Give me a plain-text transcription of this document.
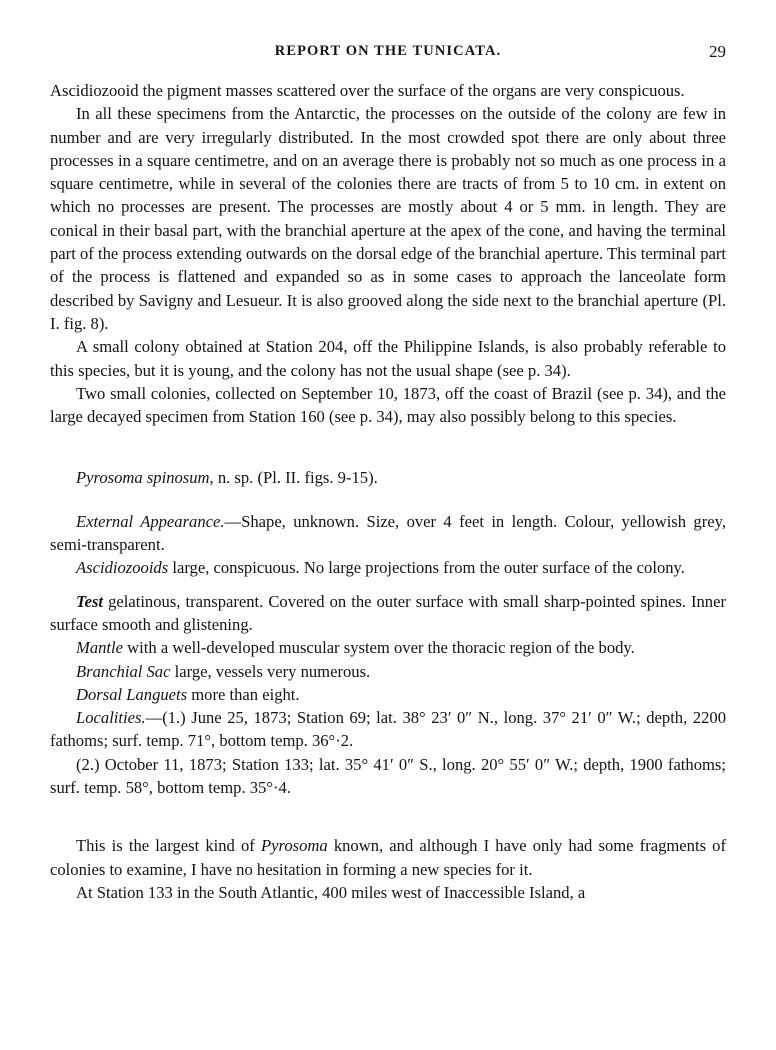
REPORT ON THE TUNICATA.	29

Ascidiozooid the pigment masses scattered over the surface of the organs are very conspicuous.

In all these specimens from the Antarctic, the processes on the outside of the colony are few in number and are very irregularly distributed. In the most crowded spot there are only about three processes in a square centimetre, and on an average there is probably not so much as one process in a square centimetre, while in several of the colonies there are tracts of from 5 to 10 cm. in extent on which no processes are present. The processes are mostly about 4 or 5 mm. in length. They are conical in their basal part, with the branchial aperture at the apex of the cone, and having the terminal part of the process extending outwards on the dorsal edge of the branchial aperture. This terminal part of the process is flattened and expanded so as in some cases to approach the lanceolate form described by Savigny and Lesueur. It is also grooved along the side next to the branchial aperture (Pl. I. fig. 8).

A small colony obtained at Station 204, off the Philippine Islands, is also probably referable to this species, but it is young, and the colony has not the usual shape (see p. 34).

Two small colonies, collected on September 10, 1873, off the coast of Brazil (see p. 34), and the large decayed specimen from Station 160 (see p. 34), may also possibly belong to this species.

Pyrosoma spinosum, n. sp. (Pl. II. figs. 9-15).

External Appearance.—Shape, unknown. Size, over 4 feet in length. Colour, yellowish grey, semi-transparent.

Ascidiozooids large, conspicuous. No large projections from the outer surface of the colony.

Test gelatinous, transparent. Covered on the outer surface with small sharp-pointed spines. Inner surface smooth and glistening.

Mantle with a well-developed muscular system over the thoracic region of the body.

Branchial Sac large, vessels very numerous.

Dorsal Languets more than eight.

Localities.—(1.) June 25, 1873; Station 69; lat. 38° 23′ 0″ N., long. 37° 21′ 0″ W.; depth, 2200 fathoms; surf. temp. 71°, bottom temp. 36°·2.

(2.) October 11, 1873; Station 133; lat. 35° 41′ 0″ S., long. 20° 55′ 0″ W.; depth, 1900 fathoms; surf. temp. 58°, bottom temp. 35°·4.

This is the largest kind of Pyrosoma known, and although I have only had some fragments of colonies to examine, I have no hesitation in forming a new species for it.

At Station 133 in the South Atlantic, 400 miles west of Inaccessible Island, a
